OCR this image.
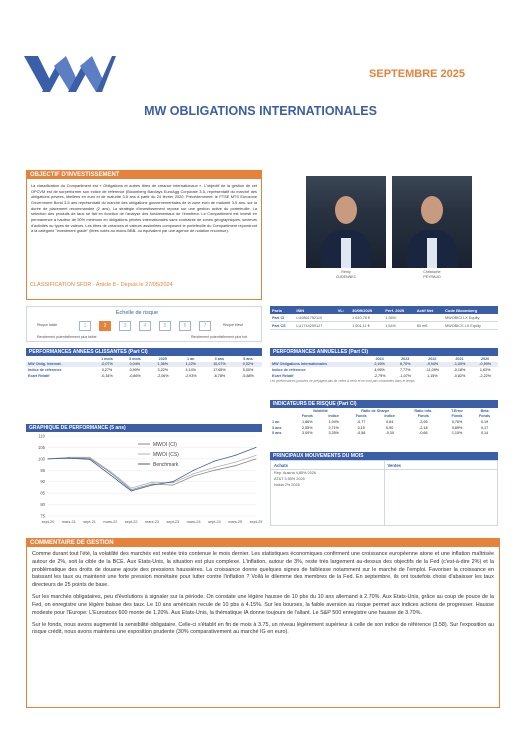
SEPTEMBRE 2025
MW OBLIGATIONS INTERNATIONALES
OBJECTIF D'INVESTISSEMENT
La classification du Compartiment est « Obligations et autres titres de créance internationaux ». L'objectif de la gestion de cet OPCVM est de surperformer son indice de référence (Bloomberg Barclays EuroAgg Corporate 3-5, représentatif du marché des obligations privées, libellées en euro et de maturité 3-5 ans à partir du 24 février 2020. Précédemment: le FTSE MTS Eurozone Government Bond 3-5 ans représentatif du marché des obligations gouvernementales de la zone euro de maturité 3-5 ans, sur la durée de placement recommandée (2 ans). La stratégie d'investissement repose sur une gestion active du portefeuille. La sélection des produits de taux se fait en fonction de l'analyse des fondamentaux de l'émetteur. Le Compartiment est investi en permanence à hauteur de 50% minimum en obligations privées internationales sans contrainte de zones géographiques, secteurs d'activités ou types de valeurs. Les titres de créances et valeurs assimilées composent le portefeuille du Compartiment répondront à la catégorie "investment grade" (titres notés au moins BBB- ou équivalent par une agence de notation reconnue).
CLASSIFICATION SFDR - Article 8 - Depuis le 27/05/2024
Rémy
CUDENNEC
Christophe
PEYRAUD
Echelle de risque
Risque faible	Risque élevé
1	2	3	4	5	6	7
Rendement potentiellement plus faible	Rendement potentiellement plus fort
Parts	ISIN	VL:	30/09/2025	Perf. 2025	Actif Net	Code Bloomberg
Part CI	LU0861752110		1 610,78 €	1,36%		MWOBICI LX Equity
Part CS	LU1744259127		1 601,11 €	1,54%	80 m€	MWOBICS LX Equity
PERFORMANCES ANNEES GLISSANTES (Part CI)
	1 mois	3 mois	2025	1 an	3 ans	5 ans
MW Oblig. Internat.	-0,07%	0,04%	1,36%	1,22%	10,07%	0,02%
Indice de référence	0,27%	0,90%	3,22%	4,14%	17,65%	5,00%
Ecart Relatif	-0,34%	-0,86%	-2,06%	-2,93%	-6,78%	-5,88%
PERFORMANCES ANNUELLES (Part CI)
	2024	2023	2022	2021	2020
MW Obligations Internationales	2,16%	6,70%	-9,94%	-1,00%	-0,59%
Indice de référence	4,95%	7,77%	-11,09%	-0,18%	1,63%
Ecart Relatif	-2,79%	-1,07%	1,15%	-0,82%	-2,22%
Les performances passées ne préjugent pas de celles à venir et ne sont pas constantes dans le temps
GRAPHIQUE DE PERFORMANCE (5 ans)
75
80
85
90
95
100
105
110
sept-20 mars-21 sept-21 mars-22 sept-22 mars-23 sept-23 mars-24 sept-24 mars-25 sept-25
MWOI (CI)
MWOI (CS)
Benchmark
INDICATEURS DE RISQUE (Part CI)
	Volatilité		Ratio de Sharpe		Ratio info.	T.Error	Beta
	Fonds	Indice	Fonds	Indice	Fonds	Fonds	Fonds
1 an	1,86%	1,94%	-0,77	0,84	-3,95	0,76%	0,19
3 ans	2,55%	2,71%	0,15	0,90	-2,18	0,89%	0,17
5 ans	3,00%	3,35%	-0,56	-0,30	-0,66	1,15%	0,14
PRINCIPAUX MOUVEMENTS DU MOIS
Achats
Rep. Austria 4,85% 2026
AT&T 3,55% 2025
Nokia 2% 2026
Ventes
COMMENTAIRE DE GESTION

Comme durant tout l'été, la volatilité des marchés est restée très contenue le mois dernier. Les statistiques économiques confirment une croissance européenne atone et une inflation maîtrisée autour de 2%, soit la cible de la BCE. Aux Etats-Unis, la situation est plus complexe. L'inflation, autour de 3%, reste très largement au-dessus des objectifs de la Fed (c'est-à-dire 2%) et la problématique des droits de douane ajoute des pressions haussières. La croissance donne quelques signes de faiblesse notamment sur le marché de l'emploi. Favoriser la croissance en baissant les taux ou maintenir une forte pression monétaire pour lutter contre l'inflation ? Voilà le dilemme des membres de la Fed. En septembre, ils ont toutefois choisi d'abaisser les taux directeurs de 25 points de base.

Sur les marchés obligataires, peu d'évolutions à signaler sur la période. On constate une légère hausse de 10 pbs du 10 ans allemand à 2.70%. Aux Etats-Unis, grâce au coup de pouce de la Fed, on enregistre une légère baisse des taux. Le 10 ans américain recule de 10 pbs à 4.15%. Sur les bourses, la faible aversion au risque permet aux indices actions de progresser. Hausse modeste pour l'Europe: L'Eurostoxx 600 monte de 1.20%. Aux Etats-Unis, la thématique IA donne toujours de l'allant. Le S&P 500 enregistre une hausse de 3.70%.

Sur le fonds, nous avons augmenté la sensibilité obligataire. Celle-ci s'établit en fin de mois à 3.75, un niveau légèrement supérieur à celle de son indice de référence (3.58). Sur l'exposition au risque crédit, nous avons maintenu une exposition prudente (30% comparativement au marché IG en euro).
